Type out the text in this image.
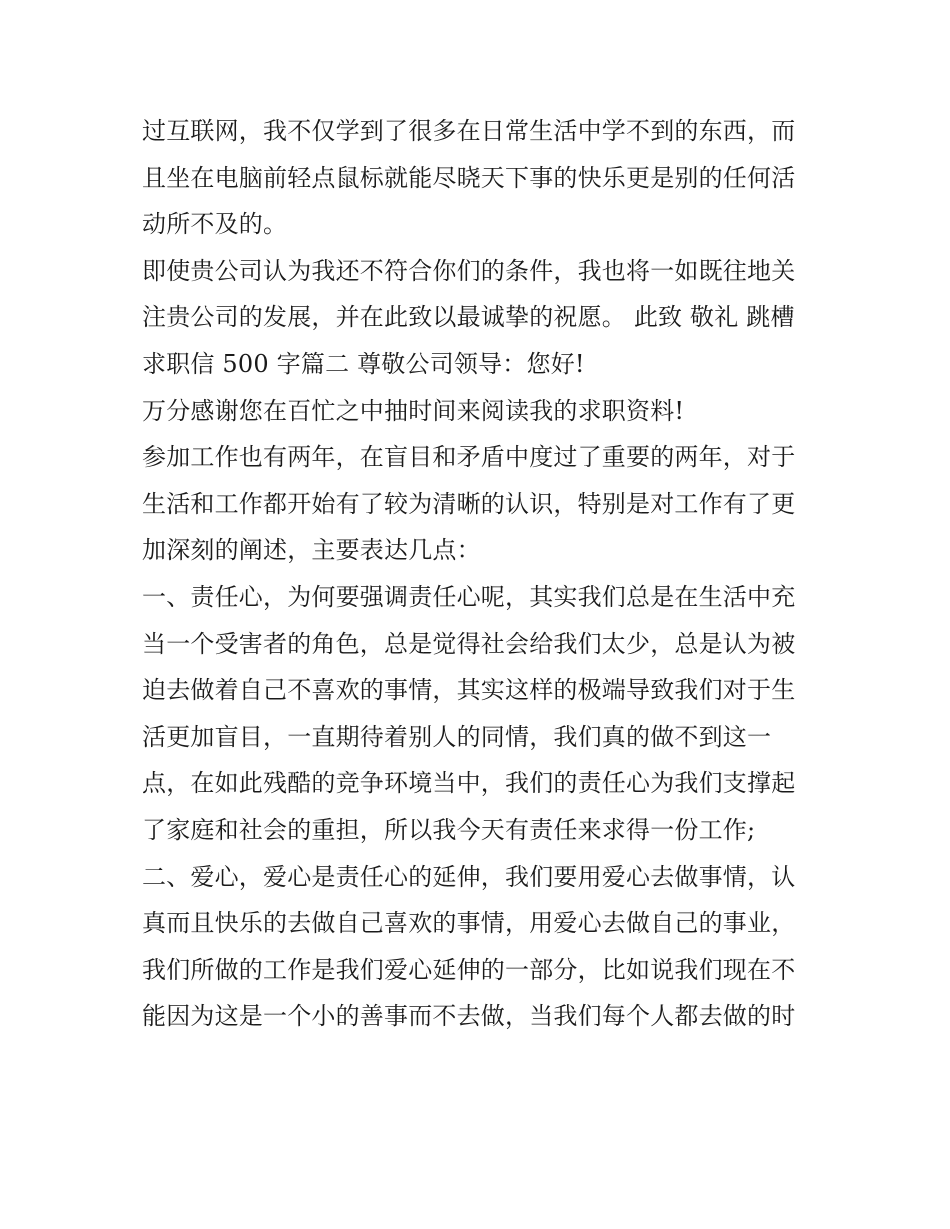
过互联网，我不仅学到了很多在日常生活中学不到的东西，而
且坐在电脑前轻点鼠标就能尽晓天下事的快乐更是别的任何活
动所不及的。
即使贵公司认为我还不符合你们的条件，我也将一如既往地关
注贵公司的发展，并在此致以最诚挚的祝愿。 此致 敬礼 跳槽
求职信 500 字篇二 尊敬公司领导：您好!
万分感谢您在百忙之中抽时间来阅读我的求职资料!
参加工作也有两年，在盲目和矛盾中度过了重要的两年，对于
生活和工作都开始有了较为清晰的认识，特别是对工作有了更
加深刻的阐述，主要表达几点：
一、责任心，为何要强调责任心呢，其实我们总是在生活中充
当一个受害者的角色，总是觉得社会给我们太少，总是认为被
迫去做着自己不喜欢的事情，其实这样的极端导致我们对于生
活更加盲目，一直期待着别人的同情，我们真的做不到这一
点，在如此残酷的竞争环境当中，我们的责任心为我们支撑起
了家庭和社会的重担，所以我今天有责任来求得一份工作;
二、爱心，爱心是责任心的延伸，我们要用爱心去做事情，认
真而且快乐的去做自己喜欢的事情，用爱心去做自己的事业，
我们所做的工作是我们爱心延伸的一部分，比如说我们现在不
能因为这是一个小的善事而不去做，当我们每个人都去做的时
